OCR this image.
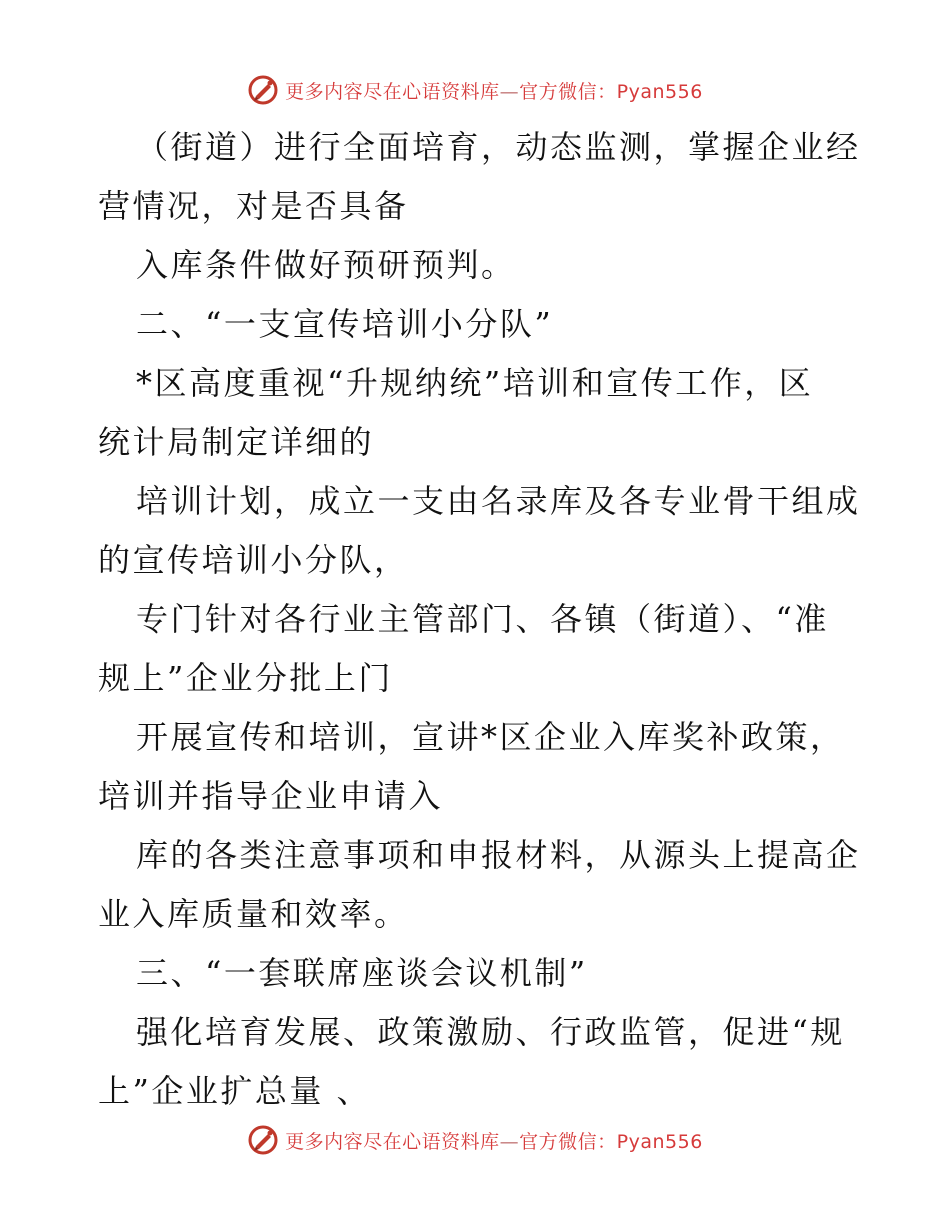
更多内容尽在心语资料库—官方微信：Pyan556
（街道）进行全面培育，动态监测，掌握企业经
营情况，对是否具备
入库条件做好预研预判。
二、“一支宣传培训小分队”
*区高度重视“升规纳统”培训和宣传工作，区
统计局制定详细的
培训计划，成立一支由名录库及各专业骨干组成
的宣传培训小分队，
专门针对各行业主管部门、各镇（街道）、“准
规上”企业分批上门
开展宣传和培训，宣讲*区企业入库奖补政策，
培训并指导企业申请入
库的各类注意事项和申报材料，从源头上提高企
业入库质量和效率。
三、“一套联席座谈会议机制”
强化培育发展、政策激励、行政监管，促进“规
上”企业扩总量 、
更多内容尽在心语资料库—官方微信：Pyan556
